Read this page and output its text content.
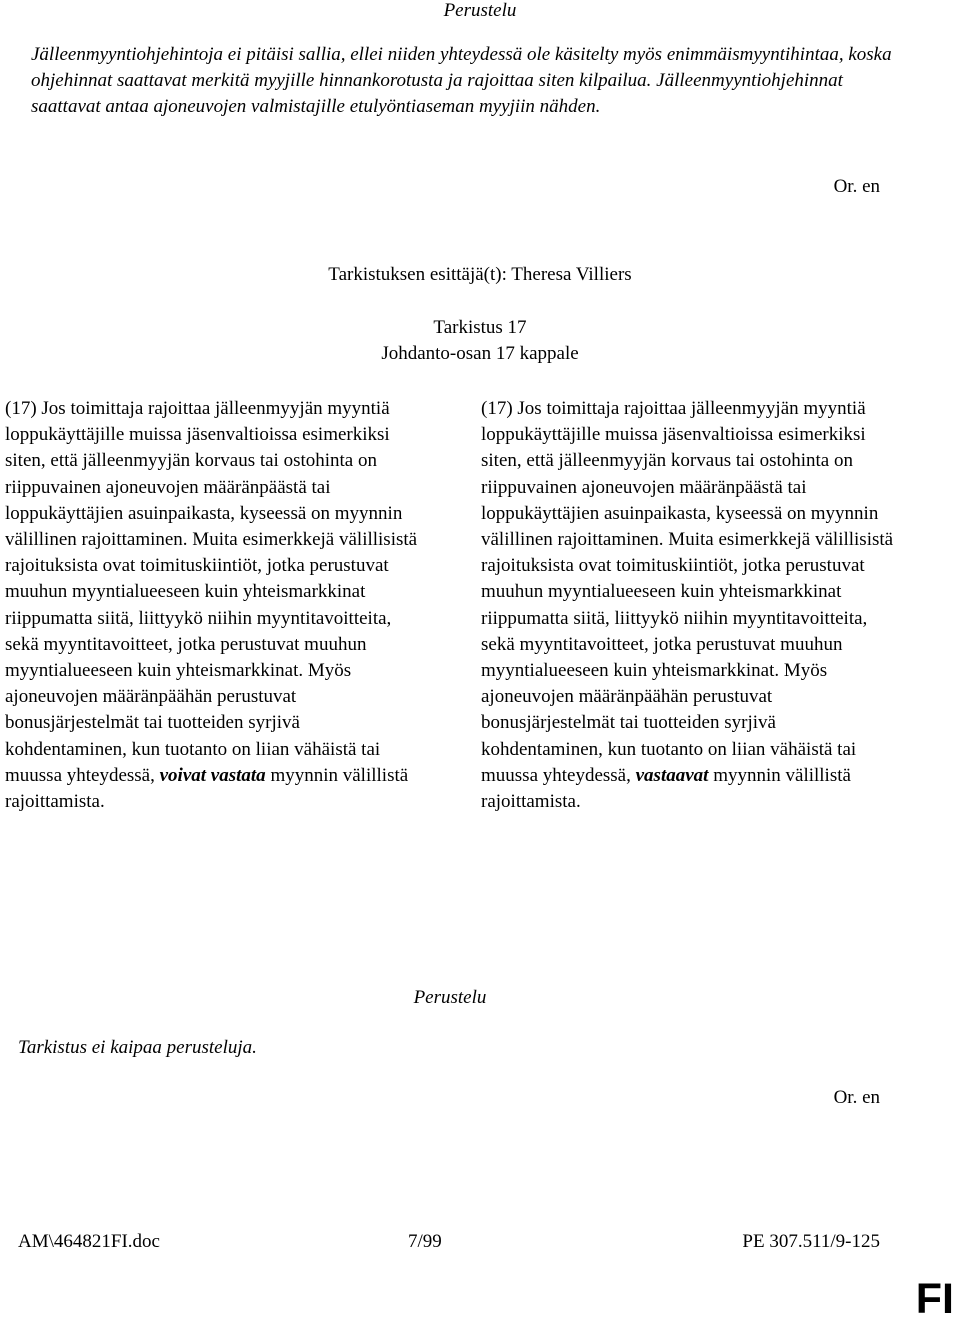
Perustelu
Jälleenmyyntiohjehintoja ei pitäisi sallia, ellei niiden yhteydessä ole käsitelty myös enimmäismyyntihintaa, koska ohjehinnat saattavat merkitä myyjille hinnankorotusta ja rajoittaa siten kilpailua. Jälleenmyyntiohjehinnat saattavat antaa ajoneuvojen valmistajille etulyöntiaseman myyjiin nähden.
Or. en
Tarkistuksen esittäjä(t): Theresa Villiers
Tarkistus 17
Johdanto-osan 17 kappale
(17) Jos toimittaja rajoittaa jälleenmyyjän myyntiä loppukäyttäjille muissa jäsenvaltioissa esimerkiksi siten, että jälleenmyyjän korvaus tai ostohinta on riippuvainen ajoneuvojen määränpäästä tai loppukäyttäjien asuinpaikasta, kyseessä on myynnin välillinen rajoittaminen. Muita esimerkkejä välillisistä rajoituksista ovat toimituskiintiöt, jotka perustuvat muuhun myyntialueeseen kuin yhteismarkkinat riippumatta siitä, liittyykö niihin myyntitavoitteita, sekä myyntitavoitteet, jotka perustuvat muuhun myyntialueeseen kuin yhteismarkkinat. Myös ajoneuvojen määränpäähän perustuvat bonusjärjestelmät tai tuotteiden syrjivä kohdentaminen, kun tuotanto on liian vähäistä tai muussa yhteydessä, voivat vastata myynnin välillistä rajoittamista.
(17) Jos toimittaja rajoittaa jälleenmyyjän myyntiä loppukäyttäjille muissa jäsenvaltioissa esimerkiksi siten, että jälleenmyyjän korvaus tai ostohinta on riippuvainen ajoneuvojen määränpäästä tai loppukäyttäjien asuinpaikasta, kyseessä on myynnin välillinen rajoittaminen. Muita esimerkkejä välillisistä rajoituksista ovat toimituskiintiöt, jotka perustuvat muuhun myyntialueeseen kuin yhteismarkkinat riippumatta siitä, liittyykö niihin myyntitavoitteita, sekä myyntitavoitteet, jotka perustuvat muuhun myyntialueeseen kuin yhteismarkkinat. Myös ajoneuvojen määränpäähän perustuvat bonusjärjestelmät tai tuotteiden syrjivä kohdentaminen, kun tuotanto on liian vähäistä tai muussa yhteydessä, vastaavat myynnin välillistä rajoittamista.
Perustelu
Tarkistus ei kaipaa perusteluja.
Or. en
AM\464821FI.doc	7/99	PE 307.511/9-125
FI
